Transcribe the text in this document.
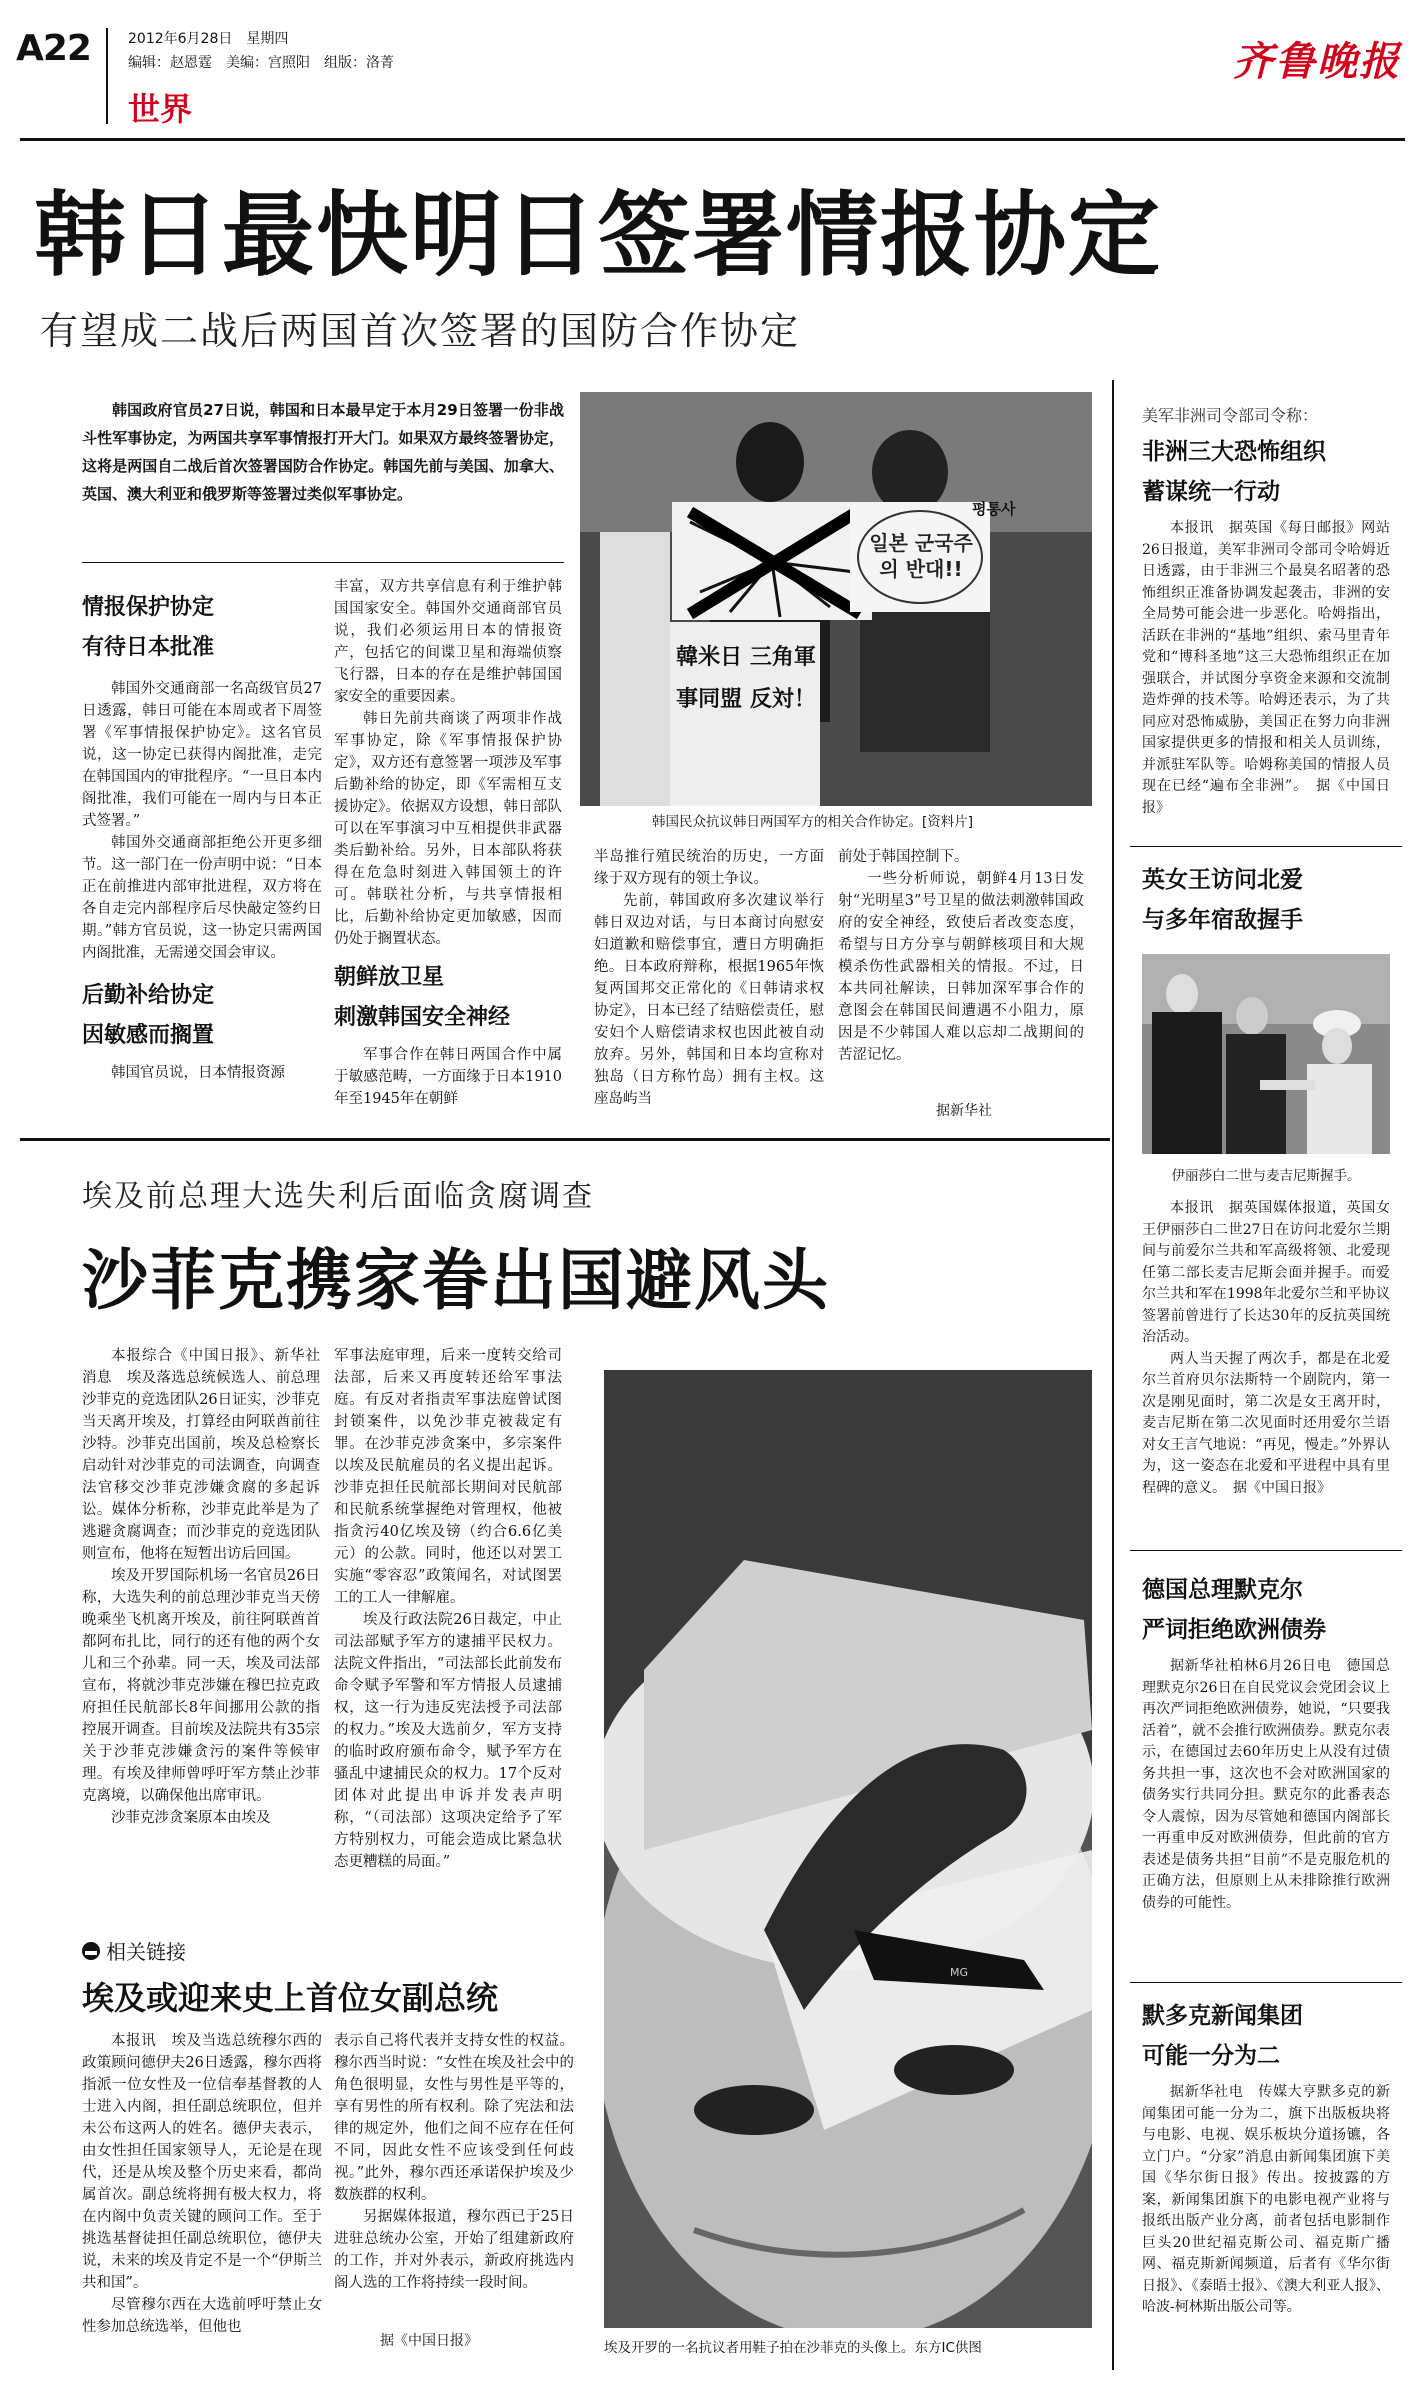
A22	2012年6月28日　星期四
编辑：赵恩霆　美编：宫照阳　组版：洛菁
世界
齐鲁晚报
韩日最快明日签署情报协定
有望成二战后两国首次签署的国防合作协定
韩国政府官员27日说，韩国和日本最早定于本月29日签署一份非战斗性军事协定，为两国共享军事情报打开大门。如果双方最终签署协定，这将是两国自二战后首次签署国防合作协定。韩国先前与美国、加拿大、英国、澳大利亚和俄罗斯等签署过类似军事协定。
情报保护协定
有待日本批准

韩国外交通商部一名高级官员27日透露，韩日可能在本周或者下周签署《军事情报保护协定》。这名官员说，这一协定已获得内阁批准，走完在韩国国内的审批程序。“一旦日本内阁批准，我们可能在一周内与日本正式签署。”

韩国外交通商部拒绝公开更多细节。这一部门在一份声明中说：“日本正在前推进内部审批进程，双方将在各自走完内部程序后尽快敲定签约日期。”韩方官员说，这一协定只需两国内阁批准，无需递交国会审议。

后勤补给协定
因敏感而搁置

韩国官员说，日本情报资源

丰富，双方共享信息有利于维护韩国国家安全。韩国外交通商部官员说，我们必须运用日本的情报资产，包括它的间谍卫星和海端侦察飞行器，日本的存在是维护韩国国家安全的重要因素。

韩日先前共商谈了两项非作战军事协定，除《军事情报保护协定》，双方还有意签署一项涉及军事后勤补给的协定，即《军需相互支援协定》。依据双方设想，韩日部队可以在军事演习中互相提供非武器类后勤补给。另外，日本部队将获得在危急时刻进入韩国领土的许可。韩联社分析，与共享情报相比，后勤补给协定更加敏感，因而仍处于搁置状态。

朝鲜放卫星
刺激韩国安全神经

军事合作在韩日两国合作中属于敏感范畴，一方面缘于日本1910年至1945年在朝鲜

일본 군국주의 반대!!
평통사
韓米日 三角軍事同盟 反対！
韩国民众抗议韩日两国军方的相关合作协定。[资料片]

半岛推行殖民统治的历史，一方面缘于双方现有的领土争议。

先前，韩国政府多次建议举行韩日双边对话，与日本商讨向慰安妇道歉和赔偿事宜，遭日方明确拒绝。日本政府辩称，根据1965年恢复两国邦交正常化的《日韩请求权协定》，日本已经了结赔偿责任，慰安妇个人赔偿请求权也因此被自动放弃。另外，韩国和日本均宣称对独岛（日方称竹岛）拥有主权。这座岛屿当

前处于韩国控制下。

一些分析师说，朝鲜4月13日发射“光明星3”号卫星的做法刺激韩国政府的安全神经，致使后者改变态度，希望与日方分享与朝鲜核项目和大规模杀伤性武器相关的情报。不过，日本共同社解读，日韩加深军事合作的意图会在韩国民间遭遇不小阻力，原因是不少韩国人难以忘却二战期间的苦涩记忆。

据新华社
埃及前总理大选失利后面临贪腐调查
沙菲克携家眷出国避风头

本报综合《中国日报》、新华社消息　埃及落选总统候选人、前总理沙菲克的竞选团队26日证实，沙菲克当天离开埃及，打算经由阿联酋前往沙特。沙菲克出国前，埃及总检察长启动针对沙菲克的司法调查，向调查法官移交沙菲克涉嫌贪腐的多起诉讼。媒体分析称，沙菲克此举是为了逃避贪腐调查；而沙菲克的竞选团队则宣布，他将在短暂出访后回国。

埃及开罗国际机场一名官员26日称，大选失利的前总理沙菲克当天傍晚乘坐飞机离开埃及，前往阿联酋首都阿布扎比，同行的还有他的两个女儿和三个孙辈。同一天，埃及司法部宣布，将就沙菲克涉嫌在穆巴拉克政府担任民航部长8年间挪用公款的指控展开调查。目前埃及法院共有35宗关于沙菲克涉嫌贪污的案件等候审理。有埃及律师曾呼吁军方禁止沙菲克离境，以确保他出席审讯。

沙菲克涉贪案原本由埃及

军事法庭审理，后来一度转交给司法部，后来又再度转还给军事法庭。有反对者指责军事法庭曾试图封锁案件，以免沙菲克被裁定有罪。在沙菲克涉贪案中，多宗案件以埃及民航雇员的名义提出起诉。沙菲克担任民航部长期间对民航部和民航系统掌握绝对管理权，他被指贪污40亿埃及镑（约合6.6亿美元）的公款。同时，他还以对罢工实施“零容忍”政策闻名，对试图罢工的工人一律解雇。

埃及行政法院26日裁定，中止司法部赋予军方的逮捕平民权力。法院文件指出，“司法部长此前发布命令赋予军警和军方情报人员逮捕权，这一行为违反宪法授予司法部的权力。”埃及大选前夕，军方支持的临时政府颁布命令，赋予军方在骚乱中逮捕民众的权力。17个反对团体对此提出申诉并发表声明称，“（司法部）这项决定给予了军方特别权力，可能会造成比紧急状态更糟糕的局面。”

MG
埃及开罗的一名抗议者用鞋子拍在沙菲克的头像上。东方IC供图
相关链接
埃及或迎来史上首位女副总统

本报讯　埃及当选总统穆尔西的政策顾问德伊夫26日透露，穆尔西将指派一位女性及一位信奉基督教的人士进入内阁，担任副总统职位，但并未公布这两人的姓名。德伊夫表示，由女性担任国家领导人，无论是在现代，还是从埃及整个历史来看，都尚属首次。副总统将拥有极大权力，将在内阁中负责关键的顾问工作。至于挑选基督徒担任副总统职位，德伊夫说，未来的埃及肯定不是一个“伊斯兰共和国”。

尽管穆尔西在大选前呼吁禁止女性参加总统选举，但他也

表示自己将代表并支持女性的权益。穆尔西当时说：“女性在埃及社会中的角色很明显，女性与男性是平等的，享有男性的所有权利。除了宪法和法律的规定外，他们之间不应存在任何不同，因此女性不应该受到任何歧视。”此外，穆尔西还承诺保护埃及少数族群的权利。

另据媒体报道，穆尔西已于25日进驻总统办公室，开始了组建新政府的工作，并对外表示，新政府挑选内阁人选的工作将持续一段时间。

据《中国日报》
美军非洲司令部司令称：
非洲三大恐怖组织
蓄谋统一行动

本报讯　据英国《每日邮报》网站26日报道，美军非洲司令部司令哈姆近日透露，由于非洲三个最臭名昭著的恐怖组织正准备协调发起袭击，非洲的安全局势可能会进一步恶化。哈姆指出，活跃在非洲的“基地”组织、索马里青年党和“博科圣地”这三大恐怖组织正在加强联合，并试图分享资金来源和交流制造炸弹的技术等。哈姆还表示，为了共同应对恐怖威胁，美国正在努力向非洲国家提供更多的情报和相关人员训练，并派驻军队等。哈姆称美国的情报人员现在已经“遍布全非洲”。　据《中国日报》

英女王访问北爱
与多年宿敌握手
伊丽莎白二世与麦吉尼斯握手。

本报讯　据英国媒体报道，英国女王伊丽莎白二世27日在访问北爱尔兰期间与前爱尔兰共和军高级将领、北爱现任第二部长麦吉尼斯会面并握手。而爱尔兰共和军在1998年北爱尔兰和平协议签署前曾进行了长达30年的反抗英国统治活动。

两人当天握了两次手，都是在北爱尔兰首府贝尔法斯特一个剧院内，第一次是刚见面时，第二次是女王离开时，麦吉尼斯在第二次见面时还用爱尔兰语对女王言气地说：“再见，慢走。”外界认为，这一姿态在北爱和平进程中具有里程碑的意义。　据《中国日报》

德国总理默克尔
严词拒绝欧洲债券

据新华社柏林6月26日电　德国总理默克尔26日在自民党议会党团会议上再次严词拒绝欧洲债券，她说，“只要我活着”，就不会推行欧洲债券。默克尔表示，在德国过去60年历史上从没有过债务共担一事，这次也不会对欧洲国家的债务实行共同分担。默克尔的此番表态令人震惊，因为尽管她和德国内阁部长一再重申反对欧洲债券，但此前的官方表述是债务共担“目前”不是克服危机的正确方法，但原则上从未排除推行欧洲债券的可能性。

默多克新闻集团
可能一分为二

据新华社电　传媒大亨默多克的新闻集团可能一分为二，旗下出版板块将与电影、电视、娱乐板块分道扬镳，各立门户。“分家”消息由新闻集团旗下美国《华尔街日报》传出。按披露的方案，新闻集团旗下的电影电视产业将与报纸出版产业分离，前者包括电影制作巨头20世纪福克斯公司、福克斯广播网、福克斯新闻频道，后者有《华尔街日报》、《泰晤士报》、《澳大利亚人报》、哈波-柯林斯出版公司等。
